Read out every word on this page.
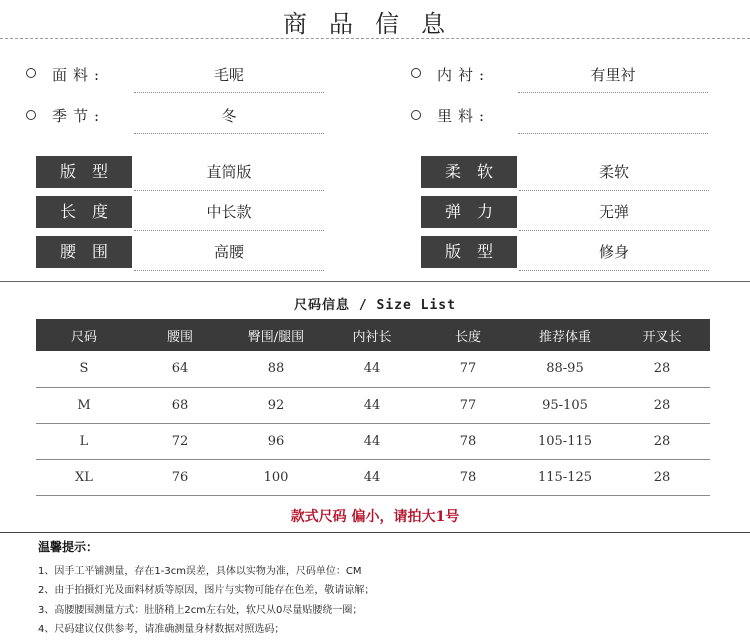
商品信息
面料:	毛呢	内衬:	有里衬
季节:	冬	里料:
版型	直筒版
长度	中长款
腰围	高腰
柔软	柔软
弹力	无弹
版型	修身
尺码信息 / Size List
尺码	腰围	臀围/腿围	内衬长	长度	推荐体重	开叉长
S	64	88	44	77	88-95	28
M	68	92	44	77	95-105	28
L	72	96	44	78	105-115	28
XL	76	100	44	78	115-125	28
款式尺码 偏小，请拍大1号
温馨提示：
1、因手工平铺测量，存在1-3cm误差，具体以实物为准，尺码单位：CM
2、由于拍摄灯光及面料材质等原因，图片与实物可能存在色差，敬请谅解；
3、高腰腰围测量方式：肚脐稍上2cm左右处，软尺从0尽量贴腰绕一圈；
4、尺码建议仅供参考，请准确测量身材数据对照选码；
